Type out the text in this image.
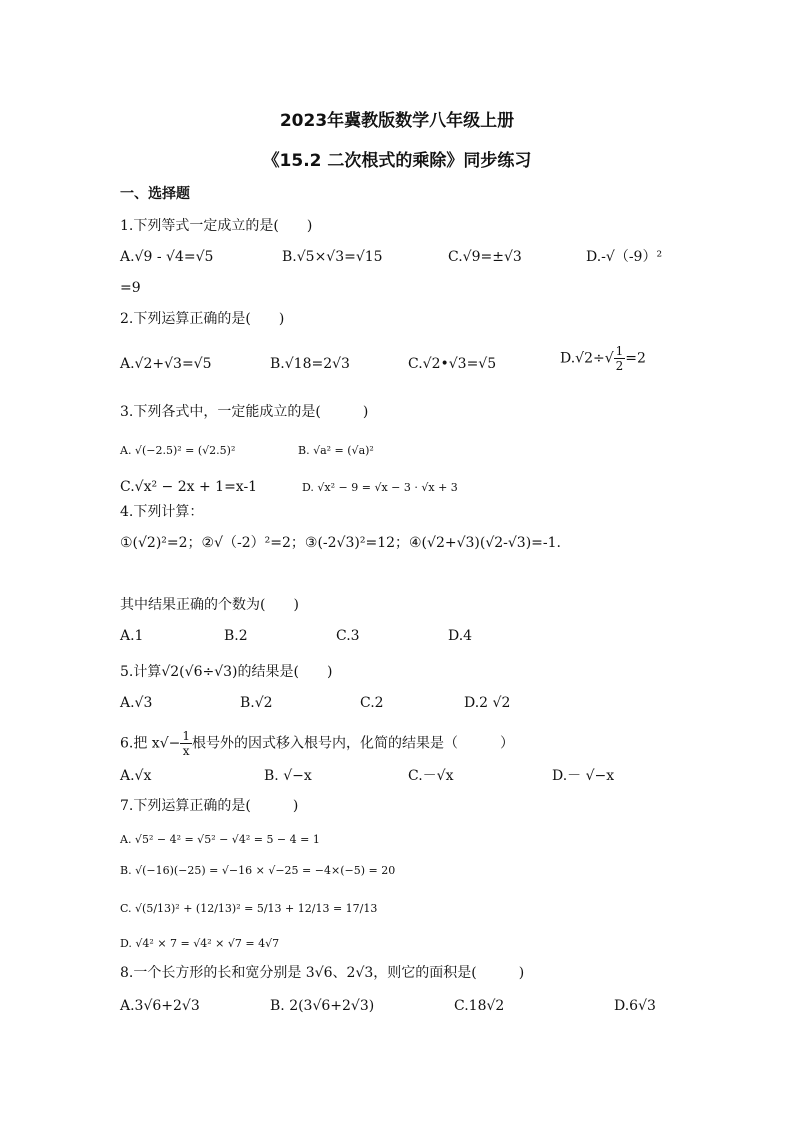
2023年冀教版数学八年级上册
《15.2 二次根式的乘除》同步练习
一、选择题
1.下列等式一定成立的是(　　)
A.√9 - √4=√5	B.√5×√3=√15	C.√9=±√3	D.-√（-9）²
=9
2.下列运算正确的是(　　)
A.√2+√3=√5	B.√18=2√3	C.√2•√3=√5	$D.√2\div√ \frac{1}{2} =2$
3.下列各式中，一定能成立的是(　　　)
A. √(−2.5)² = (√2.5)²	B. √a² = (√a)²
C.√x² − 2x + 1=x-1	D. √x² − 9 = √x − 3 · √x + 3
4.下列计算：
①(√2)²=2；②√（-2）²=2；③(-2√3)²=12；④(√2+√3)(√2-√3)=-1.
其中结果正确的个数为(　　)
A.1	B.2	C.3	D.4
5.计算√2(√6÷√3)的结果是(　　)
A.√3	B.√2	C.2	D.2 √2
6.把 $x√- \frac{1}{x}$ 根号外的因式移入根号内，化简的结果是（　　　）
A.√x	B. √−x	C.－√x	D.－ √−x
7.下列运算正确的是(　　　)
A. √5² − 4² = √5² − √4² = 5 − 4 = 1
B. √(−16)(−25) = √−16 × √−25 = −4×(−5) = 20
C. √(5/13)² + (12/13)² = 5/13 + 12/13 = 17/13
D. √4² × 7 = √4² × √7 = 4√7
8.一个长方形的长和宽分别是 3√6、2√3，则它的面积是(　　　)
A.3√6+2√3	B. 2(3√6+2√3)	C.18√2	D.6√3
